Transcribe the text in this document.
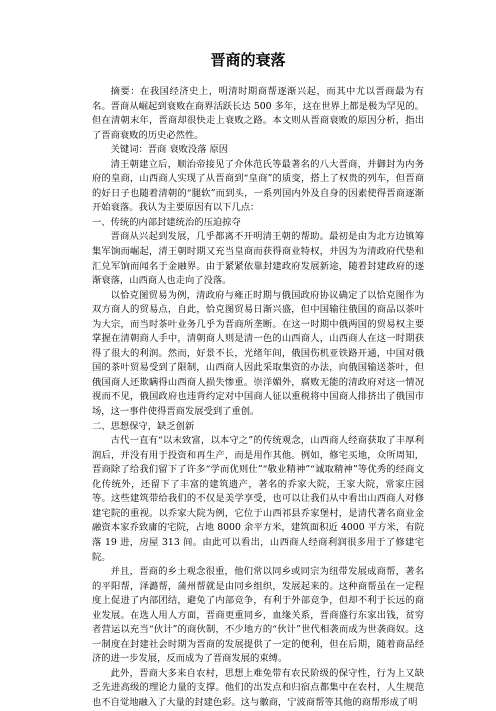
晋商的衰落

摘要：在我国经济史上，明清时期商帮逐渐兴起，而其中尤以晋商最为有名。晋商从崛起到衰败在商界活跃长达 500 多年，这在世界上都是极为罕见的。但在清朝末年，晋商却很快走上衰败之路。本文则从晋商衰败的原因分析，指出了晋商衰败的历史必然性。

关键词：晋商 衰败没落 原因

清王朝建立后，顺治帝接见了介休范氏等最著名的八大晋商，并御封为内务府的皇商，山西商人实现了从晋商到“皇商”的质变，搭上了权贵的列车，但晋商的好日子也随着清朝的“腿软”而到头，一系列国内外及自身的因素使得晋商逐渐开始衰落。我认为主要原因有以下几点：

一、传统的内部封建统治的压迫掠夺

晋商从兴起到发展，几乎都离不开明清王朝的帮助。最初是由为北方边镇筹集军饷而崛起，清王朝时期又充当皇商而获得商业特权，并因为为清政府代垫和汇兑军饷而闻名于金融界。由于紧紧依靠封建政府发展新途，随着封建政府的逐渐衰落，山西商人也走向了没落。

以恰克图贸易为例，清政府与雍正时期与俄国政府协议确定了以恰克图作为双方商人的贸易点，自此，恰克图贸易日渐兴盛，但中国输往俄国的商品以茶叶为大宗，而当时茶叶业务几乎为晋商所垄断。在这一时期中俄两国的贸易权主要掌握在清朝商人手中，清朝商人则是清一色的山西商人，山西商人在这一时期获得了很大的利润。然而，好景不长，光绪年间，俄国伤机亚铁路开通，中国对俄国的茶叶贸易受到了限制，山西商人因此采取集资的办法，向俄国输送茶叶，但俄国商人还欺瞒得山西商人损失惨重。崇洋媚外，腐败无能的清政府对这一情况视而不见，俄国政府也违背约定对中国商人征以重税将中国商人排挤出了俄国市场，这一事件使得晋商发展受到了重创。

二、思想保守，缺乏创新

古代一直有“以末致富，以本守之”的传统观念，山西商人经商获取了丰厚利润后，并没有用于投资和再生产，而是用作其他。例如，修宅买地，众所周知，晋商除了给我们留下了许多“学而优则仕”“敬业精神”“诚取精神”等优秀的经商文化传统外，还留下了丰富的建筑遗产，著名的乔家大院，王家大院，常家庄园等。这些建筑带给我们的不仅是美学享受，也可以让我们从中看出山西商人对修建宅院的重视。以乔家大院为例，它位于山西祁县乔家堡村，是清代著名商业金融资本家乔致庸的宅院，占地 8000 余平方米，建筑面积近 4000 平方米，有院落 19 进，房屋 313 间。由此可以看出，山西商人经商利润很多用于了修建宅院。

并且，晋商的乡土观念很重，他们常以同乡或同宗为纽带发展成商帮，著名的平阳帮，泽潞帮，蒲州帮就是由同乡组织，发展起来的。这种商帮虽在一定程度上促进了内部团结，避免了内部竞争，有利于外部竞争，但却不利于长远的商业发展。在选人用人方面，晋商更重同乡，血缘关系，晋商盛行东家出钱，贫穷者营运以充当“伙计”的商伙制，不少地方的“伙计”世代相袭而成为世袭商奴。这一制度在封建社会时期为晋商的发展提供了一定的便利，但在后期，随着商品经济的进一步发展，反而成为了晋商发展的束缚。

此外，晋商大多来自农村，思想上难免带有农民阶级的保守性，行为上又缺乏先进高级的理论力量的支撑。他们的出发点和归宿点都集中在农村，人生规范也不自觉地融入了大量的封建色彩。这与徽商，宁波商帮等其他的商帮形成了明
